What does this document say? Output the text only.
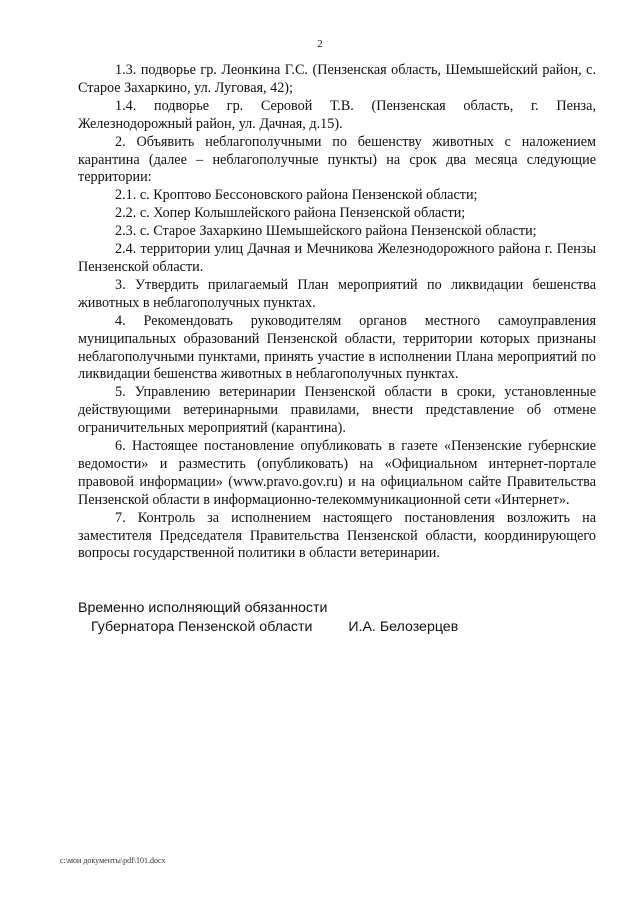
2

1.3. подворье гр. Леонкина Г.С. (Пензенская область, Шемышейский район, с. Старое Захаркино, ул. Луговая, 42);

1.4. подворье гр. Серовой Т.В. (Пензенская область, г. Пенза, Железнодорожный район, ул. Дачная, д.15).

2. Объявить неблагополучными по бешенству животных с наложением карантина (далее – неблагополучные пункты) на срок два месяца следующие территории:

2.1. с. Кроптово Бессоновского района Пензенской области;

2.2. с. Хопер Колышлейского района Пензенской области;

2.3. с. Старое Захаркино Шемышейского района Пензенской области;

2.4. территории улиц Дачная и Мечникова Железнодорожного района г. Пензы Пензенской области.

3. Утвердить прилагаемый План мероприятий по ликвидации бешенства животных в неблагополучных пунктах.

4. Рекомендовать руководителям органов местного самоуправления муниципальных образований Пензенской области, территории которых признаны неблагополучными пунктами, принять участие в исполнении Плана мероприятий по ликвидации бешенства животных в неблагополучных пунктах.

5. Управлению ветеринарии Пензенской области в сроки, установленные действующими ветеринарными правилами, внести представление об отмене ограничительных мероприятий (карантина).

6. Настоящее постановление опубликовать в газете «Пензенские губернские ведомости» и разместить (опубликовать) на «Официальном интернет-портале правовой информации» (www.pravo.gov.ru) и на официальном сайте Правительства Пензенской области в информационно-телекоммуникационной сети «Интернет».

7. Контроль за исполнением настоящего постановления возложить на заместителя Председателя Правительства Пензенской области, координирующего вопросы государственной политики в области ветеринарии.

Временно исполняющий обязанности
Губернатора Пензенской области	И.А. Белозерцев
c:\мои документы\pdf\101.docx
